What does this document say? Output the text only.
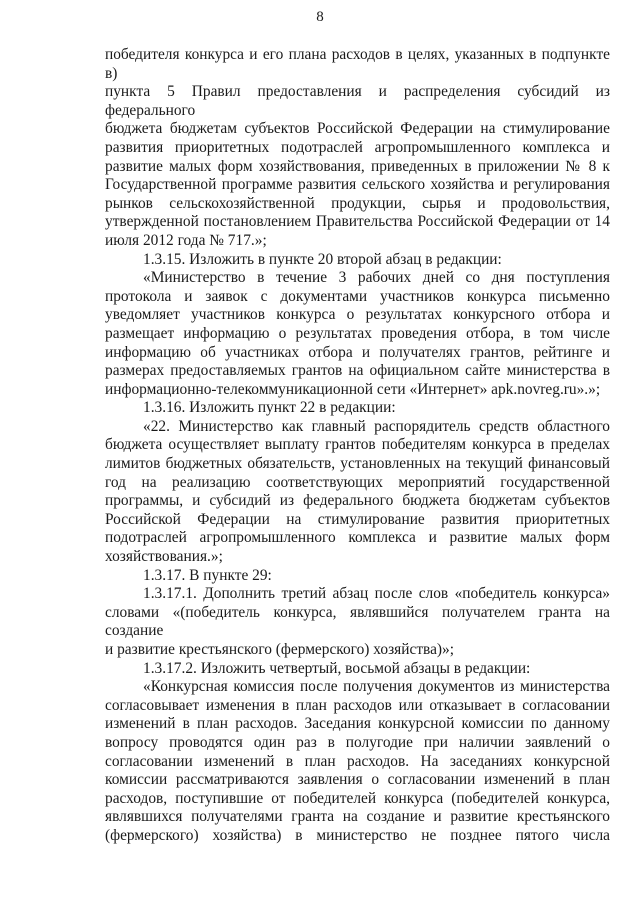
8

победителя конкурса и его плана расходов в целях, указанных в подпункте в)

пункта 5 Правил предоставления и распределения субсидий из федерального

бюджета бюджетам субъектов Российской Федерации на стимулирование

развития приоритетных подотраслей агропромышленного комплекса и

развитие малых форм хозяйствования, приведенных в приложении № 8 к

Государственной программе развития сельского хозяйства и регулирования

рынков сельскохозяйственной продукции, сырья и продовольствия,

утвержденной постановлением Правительства Российской Федерации от 14

июля 2012 года № 717.»;

1.3.15. Изложить в пункте 20 второй абзац в редакции:

«Министерство в течение 3 рабочих дней со дня поступления

протокола и заявок с документами участников конкурса письменно

уведомляет участников конкурса о результатах конкурсного отбора и

размещает информацию о результатах проведения отбора, в том числе

информацию об участниках отбора и получателях грантов, рейтинге и

размерах предоставляемых грантов на официальном сайте министерства в

информационно-телекоммуникационной сети «Интернет» apk.novreg.ru».»;

1.3.16. Изложить пункт 22 в редакции:

«22. Министерство как главный распорядитель средств областного

бюджета осуществляет выплату грантов победителям конкурса в пределах

лимитов бюджетных обязательств, установленных на текущий финансовый

год на реализацию соответствующих мероприятий государственной

программы, и субсидий из федерального бюджета бюджетам субъектов

Российской Федерации на стимулирование развития приоритетных

подотраслей агропромышленного комплекса и развитие малых форм

хозяйствования.»;

1.3.17. В пункте 29:

1.3.17.1. Дополнить третий абзац после слов «победитель конкурса»

словами «(победитель конкурса, являвшийся получателем гранта на создание

и развитие крестьянского (фермерского) хозяйства)»;

1.3.17.2. Изложить четвертый, восьмой абзацы в редакции:

«Конкурсная комиссия после получения документов из министерства

согласовывает изменения в план расходов или отказывает в согласовании

изменений в план расходов. Заседания конкурсной комиссии по данному

вопросу проводятся один раз в полугодие при наличии заявлений о

согласовании изменений в план расходов. На заседаниях конкурсной

комиссии рассматриваются заявления о согласовании изменений в план

расходов, поступившие от победителей конкурса (победителей конкурса,

являвшихся получателями гранта на создание и развитие крестьянского

(фермерского) хозяйства) в министерство не позднее пятого числа
